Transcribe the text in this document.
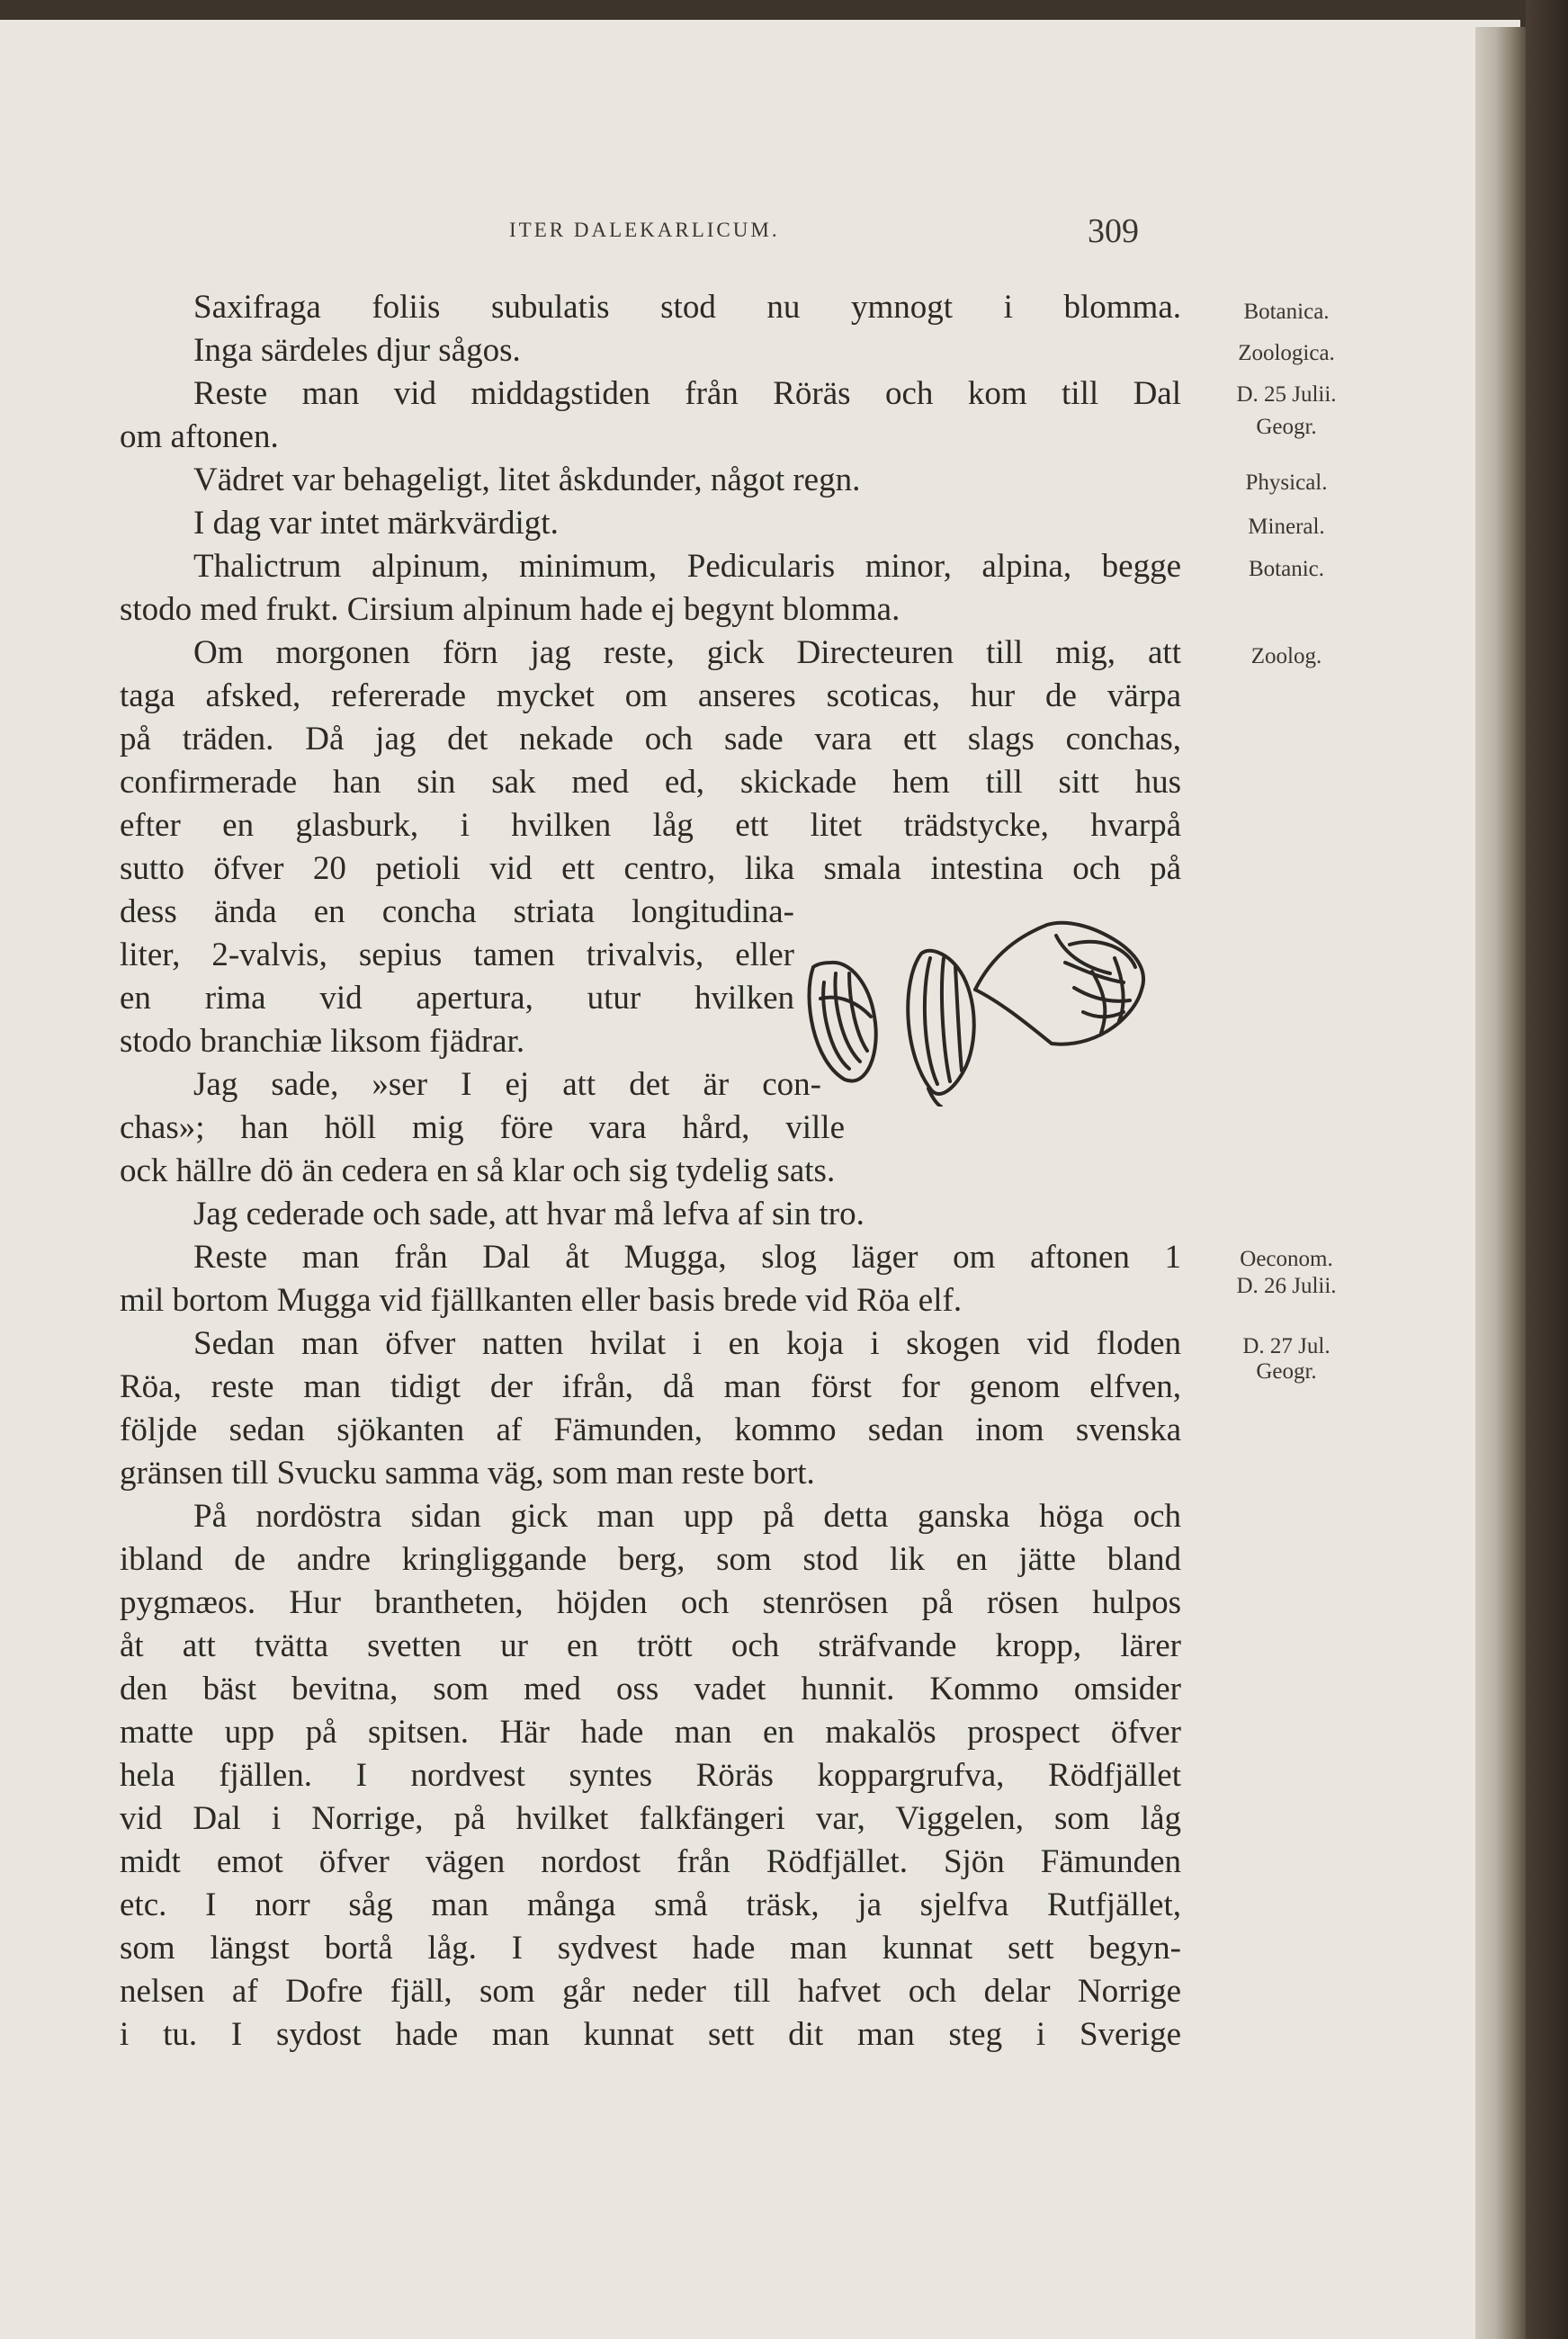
ITER DALEKARLICUM.	309
Saxifraga foliis subulatis stod nu ymnogt i blomma.
Inga särdeles djur sågos.
Reste man vid middagstiden från Röräs och kom till Dal
om aftonen.
Vädret var behageligt, litet åskdunder, något regn.
I dag var intet märkvärdigt.
Thalictrum alpinum, minimum, Pedicularis minor, alpina, begge
stodo med frukt. Cirsium alpinum hade ej begynt blomma.
Om morgonen förn jag reste, gick Directeuren till mig, att
taga afsked, refererade mycket om anseres scoticas, hur de värpa
på träden. Då jag det nekade och sade vara ett slags conchas,
confirmerade han sin sak med ed, skickade hem till sitt hus
efter en glasburk, i hvilken låg ett litet trädstycke, hvarpå
sutto öfver 20 petioli vid ett centro, lika smala intestina och på
dess ända en concha striata longitudina-
liter, 2-valvis, sepius tamen trivalvis, eller
en rima vid apertura, utur hvilken
stodo branchiæ liksom fjädrar.
Jag sade, »ser I ej att det är con-
chas»; han höll mig före vara hård, ville
ock hällre dö än cedera en så klar och sig tydelig sats.
Jag cederade och sade, att hvar må lefva af sin tro.
Reste man från Dal åt Mugga, slog läger om aftonen 1
mil bortom Mugga vid fjällkanten eller basis brede vid Röa elf.
Sedan man öfver natten hvilat i en koja i skogen vid floden
Röa, reste man tidigt der ifrån, då man först for genom elfven,
följde sedan sjökanten af Fämunden, kommo sedan inom svenska
gränsen till Svucku samma väg, som man reste bort.
På nordöstra sidan gick man upp på detta ganska höga och
ibland de andre kringliggande berg, som stod lik en jätte bland
pygmæos. Hur brantheten, höjden och stenrösen på rösen hulpos
åt att tvätta svetten ur en trött och sträfvande kropp, lärer
den bäst bevitna, som med oss vadet hunnit. Kommo omsider
matte upp på spitsen. Här hade man en makalös prospect öfver
hela fjällen. I nordvest syntes Röräs koppargrufva, Rödfjället
vid Dal i Norrige, på hvilket falkfängeri var, Viggelen, som låg
midt emot öfver vägen nordost från Rödfjället. Sjön Fämunden
etc. I norr såg man många små träsk, ja sjelfva Rutfjället,
som längst bortå låg. I sydvest hade man kunnat sett begyn-
nelsen af Dofre fjäll, som går neder till hafvet och delar Norrige
i tu. I sydost hade man kunnat sett dit man steg i Sverige
Botanica.
Zoologica.
D. 25 Julii.
Geogr.
Physical.
Mineral.
Botanic.
Zoolog.
Oeconom.
D. 26 Julii.
D. 27 Jul.
Geogr.
